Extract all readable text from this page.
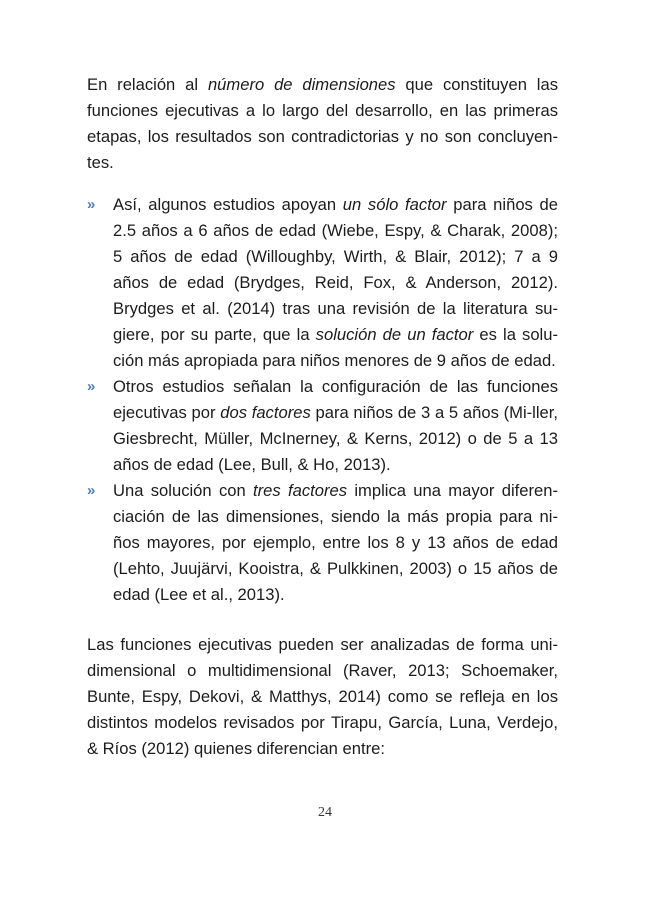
En relación al número de dimensiones que constituyen las funciones ejecutivas a lo largo del desarrollo, en las primeras etapas, los resultados son contradictorias y no son concluyen-tes.

» Así, algunos estudios apoyan un sólo factor para niños de 2.5 años a 6 años de edad (Wiebe, Espy, & Charak, 2008); 5 años de edad (Willoughby, Wirth, & Blair, 2012); 7 a 9 años de edad (Brydges, Reid, Fox, & Anderson, 2012). Brydges et al. (2014) tras una revisión de la literatura su-giere, por su parte, que la solución de un factor es la solu-ción más apropiada para niños menores de 9 años de edad.
» Otros estudios señalan la configuración de las funciones ejecutivas por dos factores para niños de 3 a 5 años (Mi-ller, Giesbrecht, Müller, McInerney, & Kerns, 2012) o de 5 a 13 años de edad (Lee, Bull, & Ho, 2013).
» Una solución con tres factores implica una mayor diferen-ciación de las dimensiones, siendo la más propia para ni-ños mayores, por ejemplo, entre los 8 y 13 años de edad (Lehto, Juujärvi, Kooistra, & Pulkkinen, 2003) o 15 años de edad (Lee et al., 2013).

Las funciones ejecutivas pueden ser analizadas de forma uni-dimensional o multidimensional (Raver, 2013; Schoemaker, Bunte, Espy, Dekovi, & Matthys, 2014) como se refleja en los distintos modelos revisados por Tirapu, García, Luna, Verdejo, & Ríos (2012) quienes diferencian entre:

24
